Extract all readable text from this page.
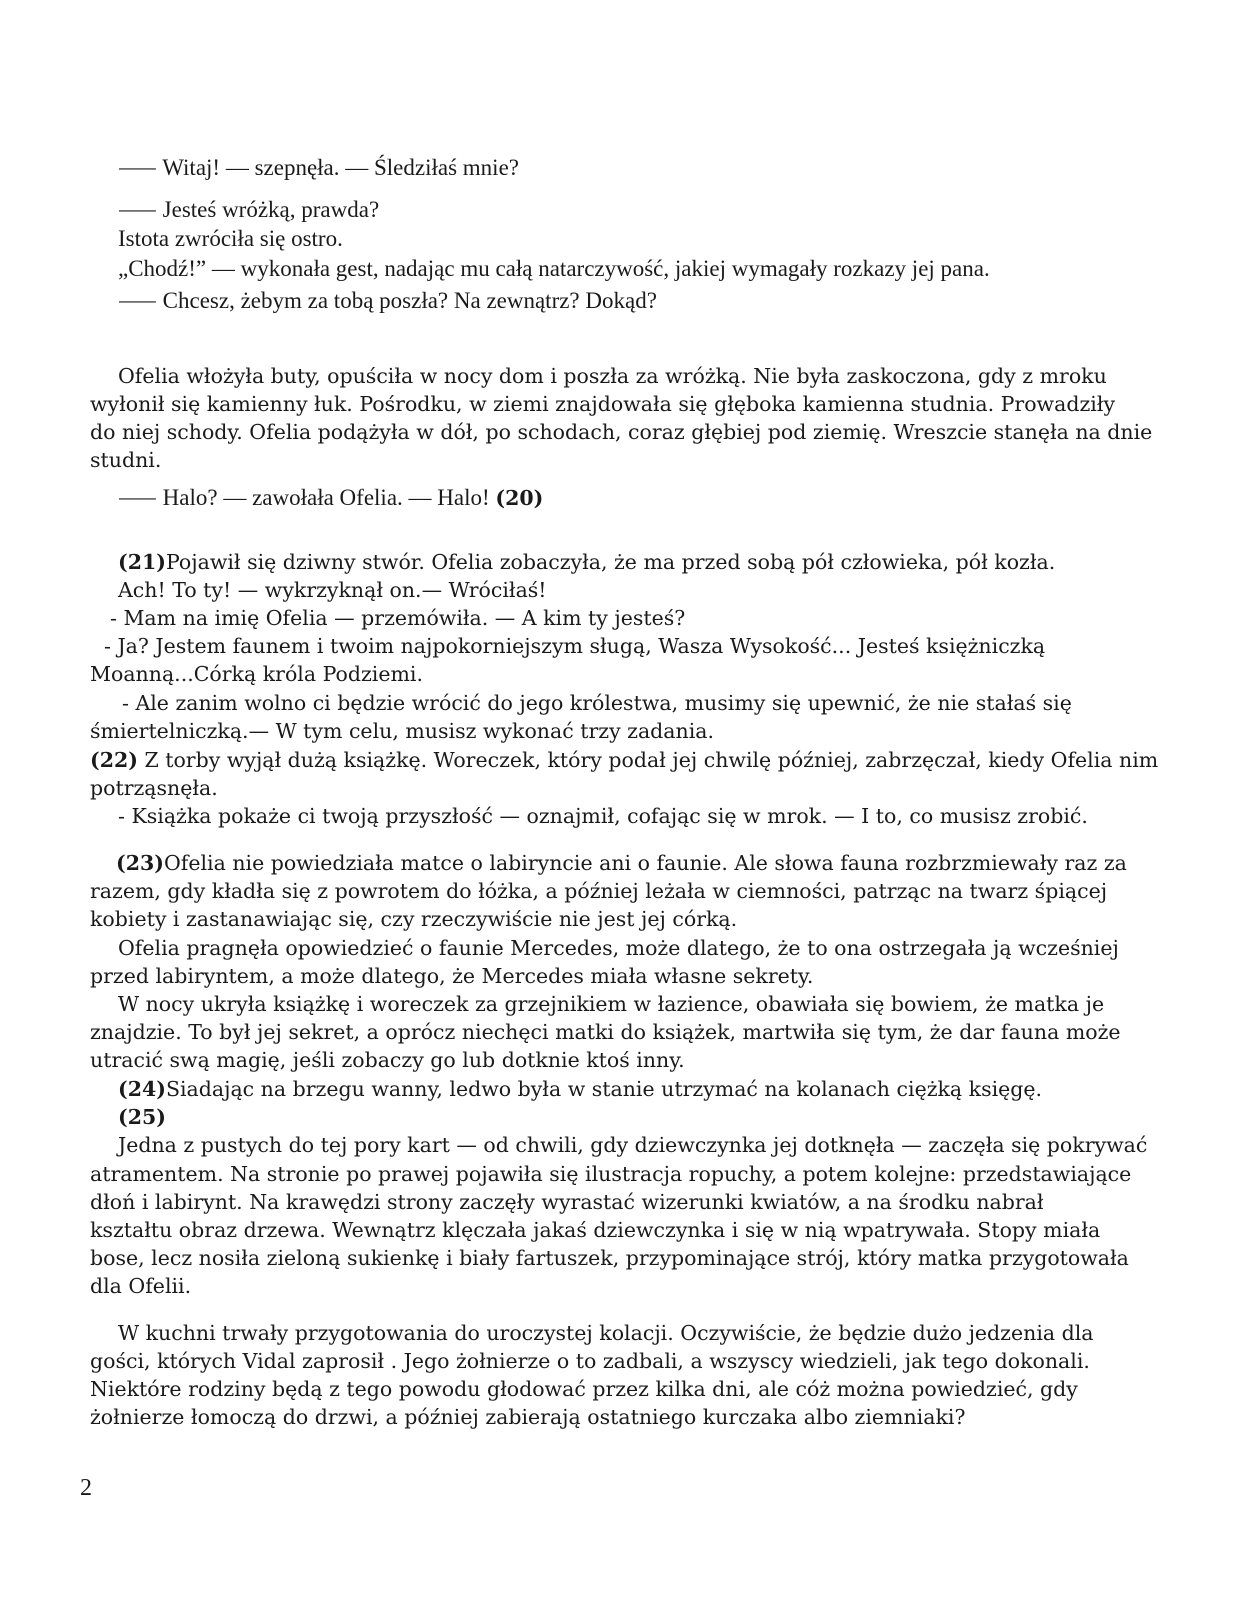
⸺ Witaj! — szepnęła. — Śledziłaś mnie?
⸺ Jesteś wróżką, prawda?
Istota zwróciła się ostro.
„Chodź!” — wykonała gest, nadając mu całą natarczywość, jakiej wymagały rozkazy jej pana.
⸺ Chcesz, żebym za tobą poszła? Na zewnątrz? Dokąd?
Ofelia włożyła buty, opuściła w nocy dom i poszła za wróżką. Nie była zaskoczona, gdy z mroku
wyłonił się kamienny łuk. Pośrodku, w ziemi znajdowała się głęboka kamienna studnia. Prowadziły
do niej schody. Ofelia podążyła w dół, po schodach, coraz głębiej pod ziemię. Wreszcie stanęła na dnie
studni.
⸺ Halo? — zawołała Ofelia. — Halo! (20)
(21)Pojawił się dziwny stwór. Ofelia zobaczyła, że ma przed sobą pół człowieka, pół kozła.
Ach! To ty! — wykrzyknął on.— Wróciłaś!
- Mam na imię Ofelia — przemówiła. — A kim ty jesteś?
- Ja? Jestem faunem i twoim najpokorniejszym sługą, Wasza Wysokość... Jesteś księżniczką
Moanną...Córką króla Podziemi.
- Ale zanim wolno ci będzie wrócić do jego królestwa, musimy się upewnić, że nie stałaś się
śmiertelniczką.— W tym celu, musisz wykonać trzy zadania.
(22) Z torby wyjął dużą książkę. Woreczek, który podał jej chwilę później, zabrzęczał, kiedy Ofelia nim
potrząsnęła.
- Książka pokaże ci twoją przyszłość — oznajmił, cofając się w mrok. — I to, co musisz zrobić.
(23)Ofelia nie powiedziała matce o labiryncie ani o faunie. Ale słowa fauna rozbrzmiewały raz za
razem, gdy kładła się z powrotem do łóżka, a później leżała w ciemności, patrząc na twarz śpiącej
kobiety i zastanawiając się, czy rzeczywiście nie jest jej córką.
Ofelia pragnęła opowiedzieć o faunie Mercedes, może dlatego, że to ona ostrzegała ją wcześniej
przed labiryntem, a może dlatego, że Mercedes miała własne sekrety.
W nocy ukryła książkę i woreczek za grzejnikiem w łazience, obawiała się bowiem, że matka je
znajdzie. To był jej sekret, a oprócz niechęci matki do książek, martwiła się tym, że dar fauna może
utracić swą magię, jeśli zobaczy go lub dotknie ktoś inny.
(24)Siadając na brzegu wanny, ledwo była w stanie utrzymać na kolanach ciężką księgę.
(25)
Jedna z pustych do tej pory kart — od chwili, gdy dziewczynka jej dotknęła — zaczęła się pokrywać
atramentem. Na stronie po prawej pojawiła się ilustracja ropuchy, a potem kolejne: przedstawiające
dłoń i labirynt. Na krawędzi strony zaczęły wyrastać wizerunki kwiatów, a na środku nabrał
kształtu obraz drzewa. Wewnątrz klęczała jakaś dziewczynka i się w nią wpatrywała. Stopy miała
bose, lecz nosiła zieloną sukienkę i biały fartuszek, przypominające strój, który matka przygotowała
dla Ofelii.
W kuchni trwały przygotowania do uroczystej kolacji. Oczywiście, że będzie dużo jedzenia dla
gości, których Vidal zaprosił . Jego żołnierze o to zadbali, a wszyscy wiedzieli, jak tego dokonali.
Niektóre rodziny będą z tego powodu głodować przez kilka dni, ale cóż można powiedzieć, gdy
żołnierze łomoczą do drzwi, a później zabierają ostatniego kurczaka albo ziemniaki?
2
